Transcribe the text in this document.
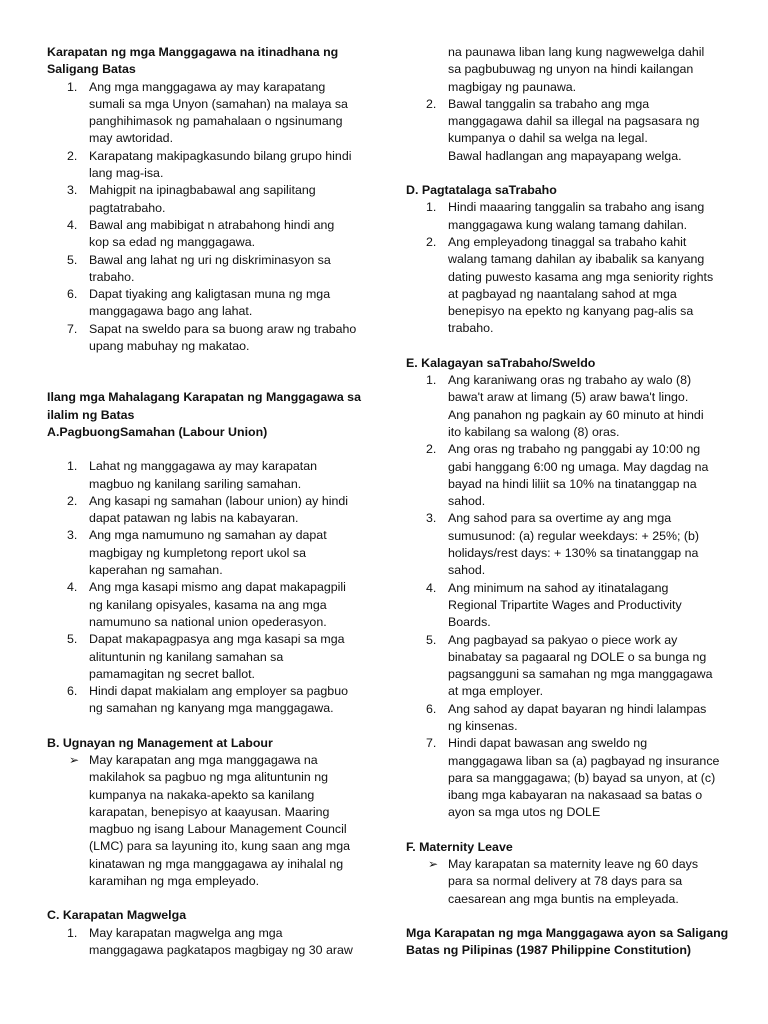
Karapatan ng mga Manggagawa na itinadhana ng
Saligang Batas
1. Ang mga manggagawa ay may karapatang
sumali sa mga Unyon (samahan) na malaya sa
panghihimasok ng pamahalaan o ngsinumang
may awtoridad.
2. Karapatang makipagkasundo bilang grupo hindi
lang mag-isa.
3. Mahigpit na ipinagbabawal ang sapilitang
pagtatrabaho.
4. Bawal ang mabibigat n atrabahong hindi ang
kop sa edad ng manggagawa.
5. Bawal ang lahat ng uri ng diskriminasyon sa
trabaho.
6. Dapat tiyaking ang kaligtasan muna ng mga
manggagawa bago ang lahat.
7. Sapat na sweldo para sa buong araw ng trabaho
upang mabuhay ng makatao.
Ilang mga Mahalagang Karapatan ng Manggagawa sa
ilalim ng Batas
A.PagbuongSamahan (Labour Union)
1. Lahat ng manggagawa ay may karapatan
magbuo ng kanilang sariling samahan.
2. Ang kasapi ng samahan (labour union) ay hindi
dapat patawan ng labis na kabayaran.
3. Ang mga namumuno ng samahan ay dapat
magbigay ng kumpletong report ukol sa
kaperahan ng samahan.
4. Ang mga kasapi mismo ang dapat makapagpili
ng kanilang opisyales, kasama na ang mga
namumuno sa national union opederasyon.
5. Dapat makapagpasya ang mga kasapi sa mga
alituntunin ng kanilang samahan sa
pamamagitan ng secret ballot.
6. Hindi dapat makialam ang employer sa pagbuo
ng samahan ng kanyang mga manggagawa.
B. Ugnayan ng Management at Labour
➢ May karapatan ang mga manggagawa na
makilahok sa pagbuo ng mga alituntunin ng
kumpanya na nakaka-apekto sa kanilang
karapatan, benepisyo at kaayusan. Maaring
magbuo ng isang Labour Management Council
(LMC) para sa layuning ito, kung saan ang mga
kinatawan ng mga manggagawa ay inihalal ng
karamihan ng mga empleyado.
C. Karapatan Magwelga
1. May karapatan magwelga ang mga
manggagawa pagkatapos magbigay ng 30 araw
na paunawa liban lang kung nagwewelga dahil
sa pagbubuwag ng unyon na hindi kailangan
magbigay ng paunawa.
2. Bawal tanggalin sa trabaho ang mga
manggagawa dahil sa illegal na pagsasara ng
kumpanya o dahil sa welga na legal.
Bawal hadlangan ang mapayapang welga.
D. Pagtatalaga saTrabaho
1. Hindi maaaring tanggalin sa trabaho ang isang
manggagawa kung walang tamang dahilan.
2. Ang empleyadong tinaggal sa trabaho kahit
walang tamang dahilan ay ibabalik sa kanyang
dating puwesto kasama ang mga seniority rights
at pagbayad ng naantalang sahod at mga
benepisyo na epekto ng kanyang pag-alis sa
trabaho.
E. Kalagayan saTrabaho/Sweldo
1. Ang karaniwang oras ng trabaho ay walo (8)
bawa't araw at limang (5) araw bawa't lingo.
Ang panahon ng pagkain ay 60 minuto at hindi
ito kabilang sa walong (8) oras.
2. Ang oras ng trabaho ng panggabi ay 10:00 ng
gabi hanggang 6:00 ng umaga. May dagdag na
bayad na hindi liliit sa 10% na tinatanggap na
sahod.
3. Ang sahod para sa overtime ay ang mga
sumusunod: (a) regular weekdays: + 25%; (b)
holidays/rest days: + 130% sa tinatanggap na
sahod.
4. Ang minimum na sahod ay itinatalagang
Regional Tripartite Wages and Productivity
Boards.
5. Ang pagbayad sa pakyao o piece work ay
binabatay sa pagaaral ng DOLE o sa bunga ng
pagsangguni sa samahan ng mga manggagawa
at mga employer.
6. Ang sahod ay dapat bayaran ng hindi lalampas
ng kinsenas.
7. Hindi dapat bawasan ang sweldo ng
manggagawa liban sa (a) pagbayad ng insurance
para sa manggagawa; (b) bayad sa unyon, at (c)
ibang mga kabayaran na nakasaad sa batas o
ayon sa mga utos ng DOLE
F. Maternity Leave
➢ May karapatan sa maternity leave ng 60 days
para sa normal delivery at 78 days para sa
caesarean ang mga buntis na empleyada.
Mga Karapatan ng mga Manggagawa ayon sa Saligang
Batas ng Pilipinas (1987 Philippine Constitution)
